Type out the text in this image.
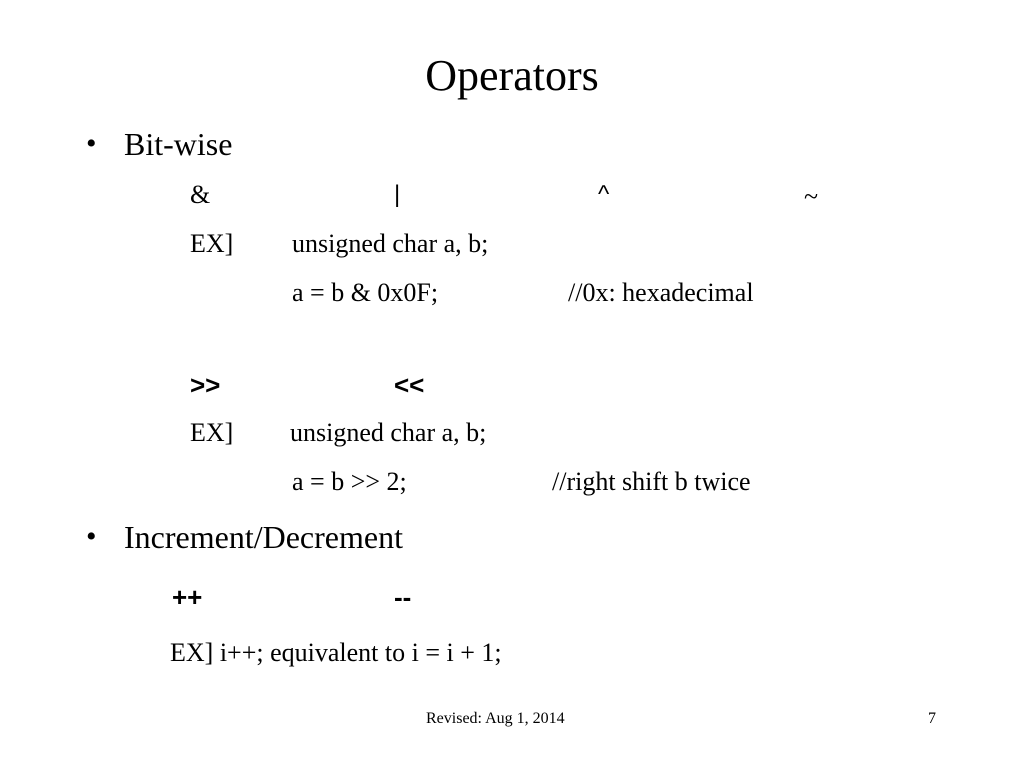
Operators
• Bit-wise
&	|	^	~
EX] unsigned char a, b;
a = b & 0x0F;	//0x: hexadecimal
>>	<<
EX] unsigned char a, b;
a = b >> 2;	//right shift b twice
• Increment/Decrement
++	--
EX] i++; equivalent to i = i + 1;
Revised: Aug 1, 2014	7
